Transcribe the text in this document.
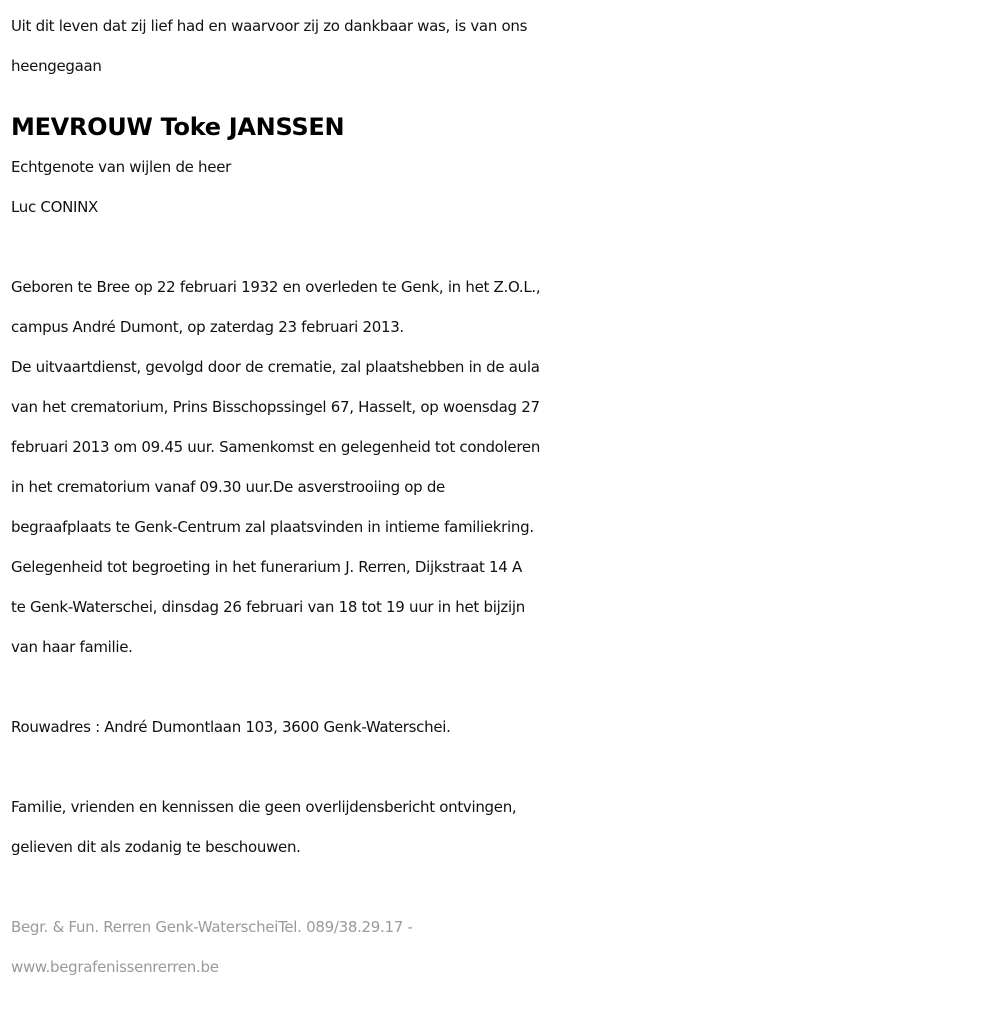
Uit dit leven dat zij lief had en waarvoor zij zo dankbaar was, is van ons
heengegaan
MEVROUW Toke JANSSEN
Echtgenote van wijlen de heer
Luc CONINX
Geboren te Bree op 22 februari 1932 en overleden te Genk, in het Z.O.L.,
campus André Dumont, op zaterdag 23 februari 2013.
De uitvaartdienst, gevolgd door de crematie, zal plaatshebben in de aula
van het crematorium, Prins Bisschopssingel 67, Hasselt, op woensdag 27
februari 2013 om 09.45 uur. Samenkomst en gelegenheid tot condoleren
in het crematorium vanaf 09.30 uur.De asverstrooiing op de
begraafplaats te Genk-Centrum zal plaatsvinden in intieme familiekring.
Gelegenheid tot begroeting in het funerarium J. Rerren, Dijkstraat 14 A
te Genk-Waterschei, dinsdag 26 februari van 18 tot 19 uur in het bijzijn
van haar familie.
Rouwadres : André Dumontlaan 103, 3600 Genk-Waterschei.
Familie, vrienden en kennissen die geen overlijdensbericht ontvingen,
gelieven dit als zodanig te beschouwen.
Begr. & Fun. Rerren Genk-WaterscheiTel. 089/38.29.17 -
www.begrafenissenrerren.be
